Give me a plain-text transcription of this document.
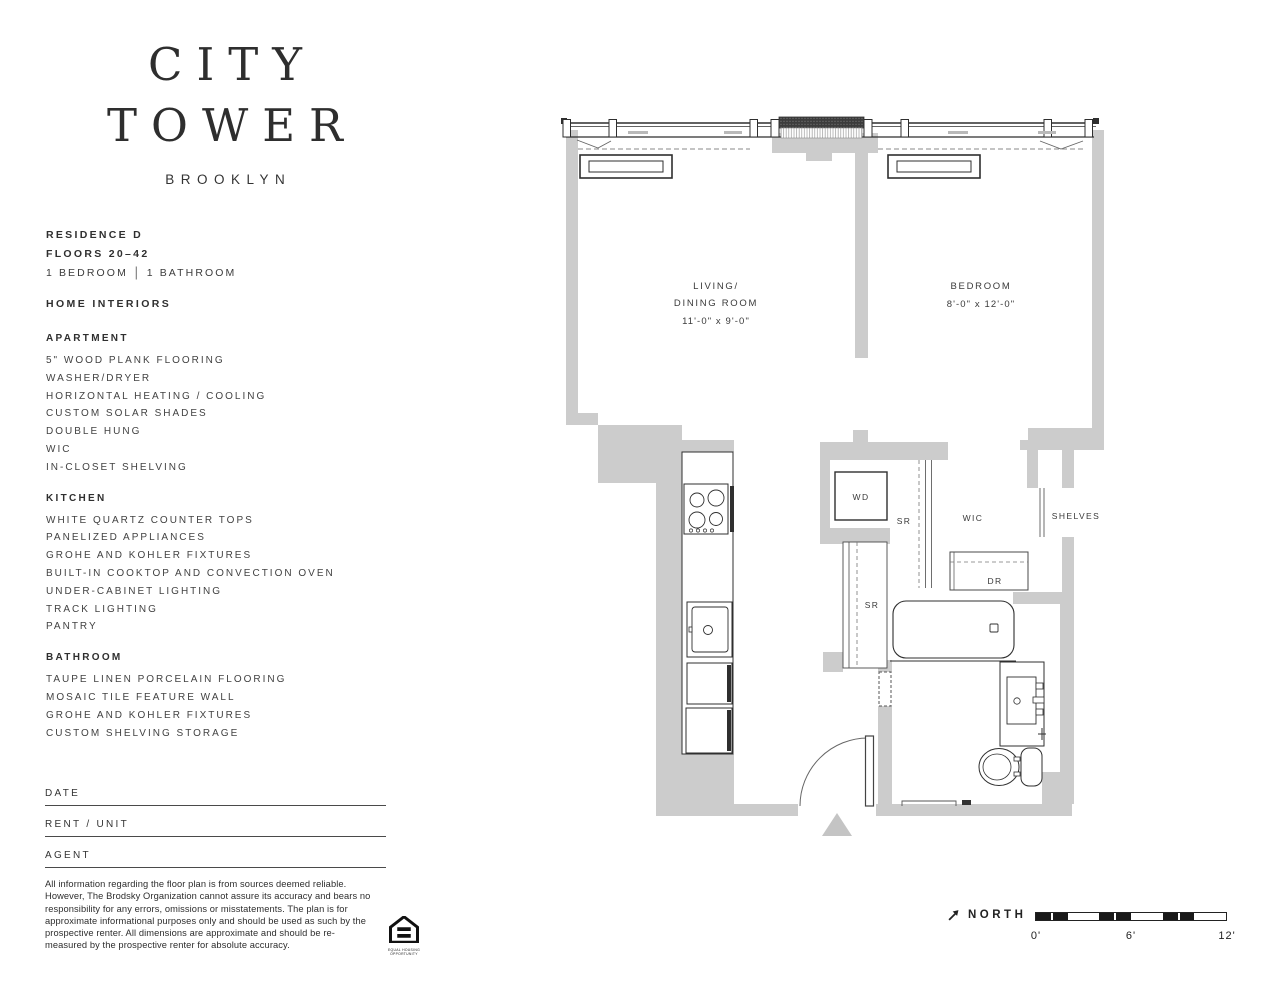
CITY
TOWER
BROOKLYN
RESIDENCE D
FLOORS 20–42
1 BEDROOM | 1 BATHROOM
HOME INTERIORS
APARTMENT
5" WOOD PLANK FLOORING
WASHER/DRYER
HORIZONTAL HEATING / COOLING
CUSTOM SOLAR SHADES
DOUBLE HUNG
WIC
IN-CLOSET SHELVING
KITCHEN
WHITE QUARTZ COUNTER TOPS
PANELIZED APPLIANCES
GROHE AND KOHLER FIXTURES
BUILT-IN COOKTOP AND CONVECTION OVEN
UNDER-CABINET LIGHTING
TRACK LIGHTING
PANTRY
BATHROOM
TAUPE LINEN PORCELAIN FLOORING
MOSAIC TILE FEATURE WALL
GROHE AND KOHLER FIXTURES
CUSTOM SHELVING STORAGE
DATE
RENT / UNIT
AGENT
All information regarding the floor plan is from sources deemed reliable. However, The Brodsky Organization cannot assure its accuracy and bears no responsibility for any errors, omissions or misstatements. The plan is for approximate informational purposes only and should be used as such by the prospective renter. All dimensions are approximate and should be re-measured by the prospective renter for absolute accuracy.	EQUAL HOUSING
OPPORTUNITY
LIVING/
DINING ROOM
11'-0" x 9'-0"
BEDROOM
8'-0" x 12'-0"
WD
SR	WIC	SHELVES
DR
SR
NORTH
0'	6'	12'
